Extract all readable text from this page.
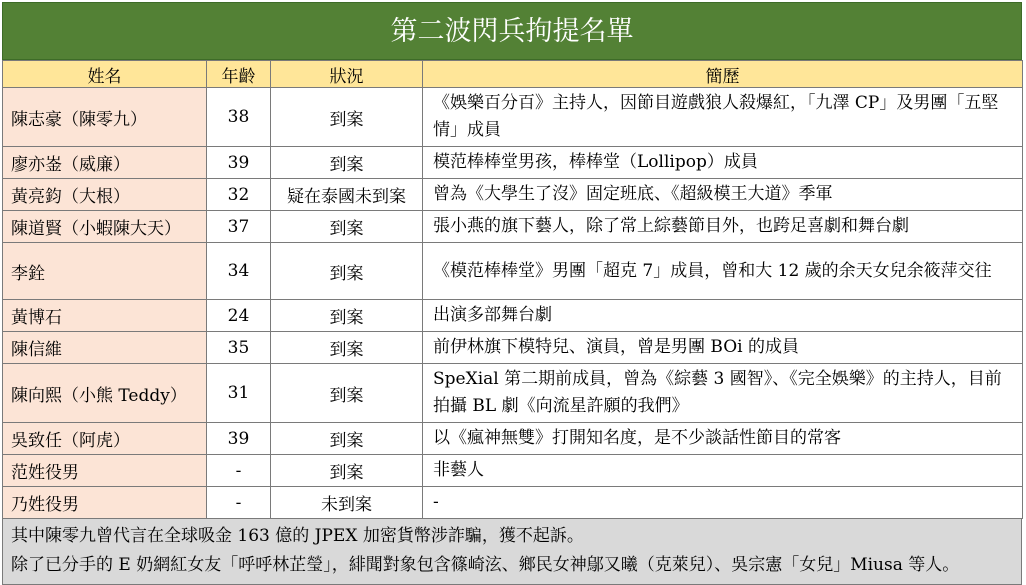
第二波閃兵拘提名單
姓名	年齡	狀況	簡歷
陳志豪（陳零九）	38	到案	《娛樂百分百》主持人，因節目遊戲狼人殺爆紅，「九澤 CP」及男團「五堅情」成員
廖亦崟（威廉）	39	到案	模范棒棒堂男孩，棒棒堂（Lollipop）成員
黃亮鈞（大根）	32	疑在泰國未到案	曾為《大學生了沒》固定班底、《超級模王大道》季軍
陳道賢（小蝦陳大天）	37	到案	張小燕的旗下藝人，除了常上綜藝節目外，也跨足喜劇和舞台劇
李銓	34	到案	《模范棒棒堂》男團「超克 7」成員，曾和大 12 歲的余天女兒余筱萍交往
黃博石	24	到案	出演多部舞台劇
陳信維	35	到案	前伊林旗下模特兒、演員，曾是男團 BOi 的成員
陳向熙（小熊 Teddy）	31	到案	SpeXial 第二期前成員，曾為《綜藝 3 國智》、《完全娛樂》的主持人，目前拍攝 BL 劇《向流星許願的我們》
吳致任（阿虎）	39	到案	以《瘋神無雙》打開知名度，是不少談話性節目的常客
范姓役男	-	到案	非藝人
乃姓役男	-	未到案	-
其中陳零九曾代言在全球吸金 163 億的 JPEX 加密貨幣涉詐騙，獲不起訴。
除了已分手的 E 奶網紅女友「呼呼林芷瑩」，緋聞對象包含篠崎泫、鄉民女神鄔又曦（克萊兒）、吳宗憲「女兒」Miusa 等人。
